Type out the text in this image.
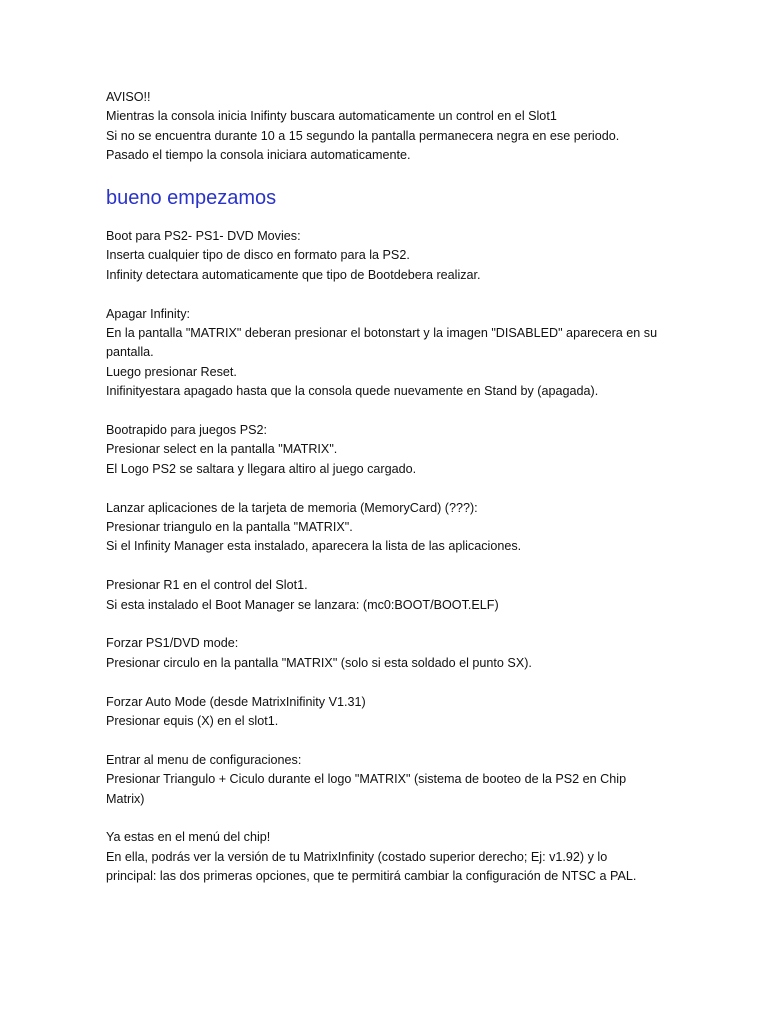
AVISO!!
Mientras la consola inicia Inifinty buscara automaticamente un control en el Slot1
Si no se encuentra durante 10 a 15 segundo la pantalla permanecera negra en ese periodo.
Pasado el tiempo la consola iniciara automaticamente.
bueno empezamos
Boot para PS2- PS1- DVD Movies:
Inserta cualquier tipo de disco en formato para la PS2.
Infinity detectara automaticamente que tipo de Bootdebera realizar.
Apagar Infinity:
En la pantalla "MATRIX" deberan presionar el botonstart y la imagen "DISABLED" aparecera en su
pantalla.
Luego presionar Reset.
Inifinityestara apagado hasta que la consola quede nuevamente en Stand by (apagada).
Bootrapido para juegos PS2:
Presionar select en la pantalla "MATRIX".
El Logo PS2 se saltara y llegara altiro al juego cargado.
Lanzar aplicaciones de la tarjeta de memoria (MemoryCard) (???):
Presionar triangulo en la pantalla "MATRIX".
Si el Infinity Manager esta instalado, aparecera la lista de las aplicaciones.
Presionar R1 en el control del Slot1.
Si esta instalado el Boot Manager se lanzara: (mc0:BOOT/BOOT.ELF)
Forzar PS1/DVD mode:
Presionar circulo en la pantalla "MATRIX" (solo si esta soldado el punto SX).
Forzar Auto Mode (desde MatrixInifinity V1.31)
Presionar equis (X) en el slot1.
Entrar al menu de configuraciones:
Presionar Triangulo + Ciculo durante el logo "MATRIX" (sistema de booteo de la PS2 en Chip
Matrix)
Ya estas en el menú del chip!
En ella, podrás ver la versión de tu MatrixInfinity (costado superior derecho; Ej: v1.92) y lo
principal: las dos primeras opciones, que te permitirá cambiar la configuración de NTSC a PAL.
